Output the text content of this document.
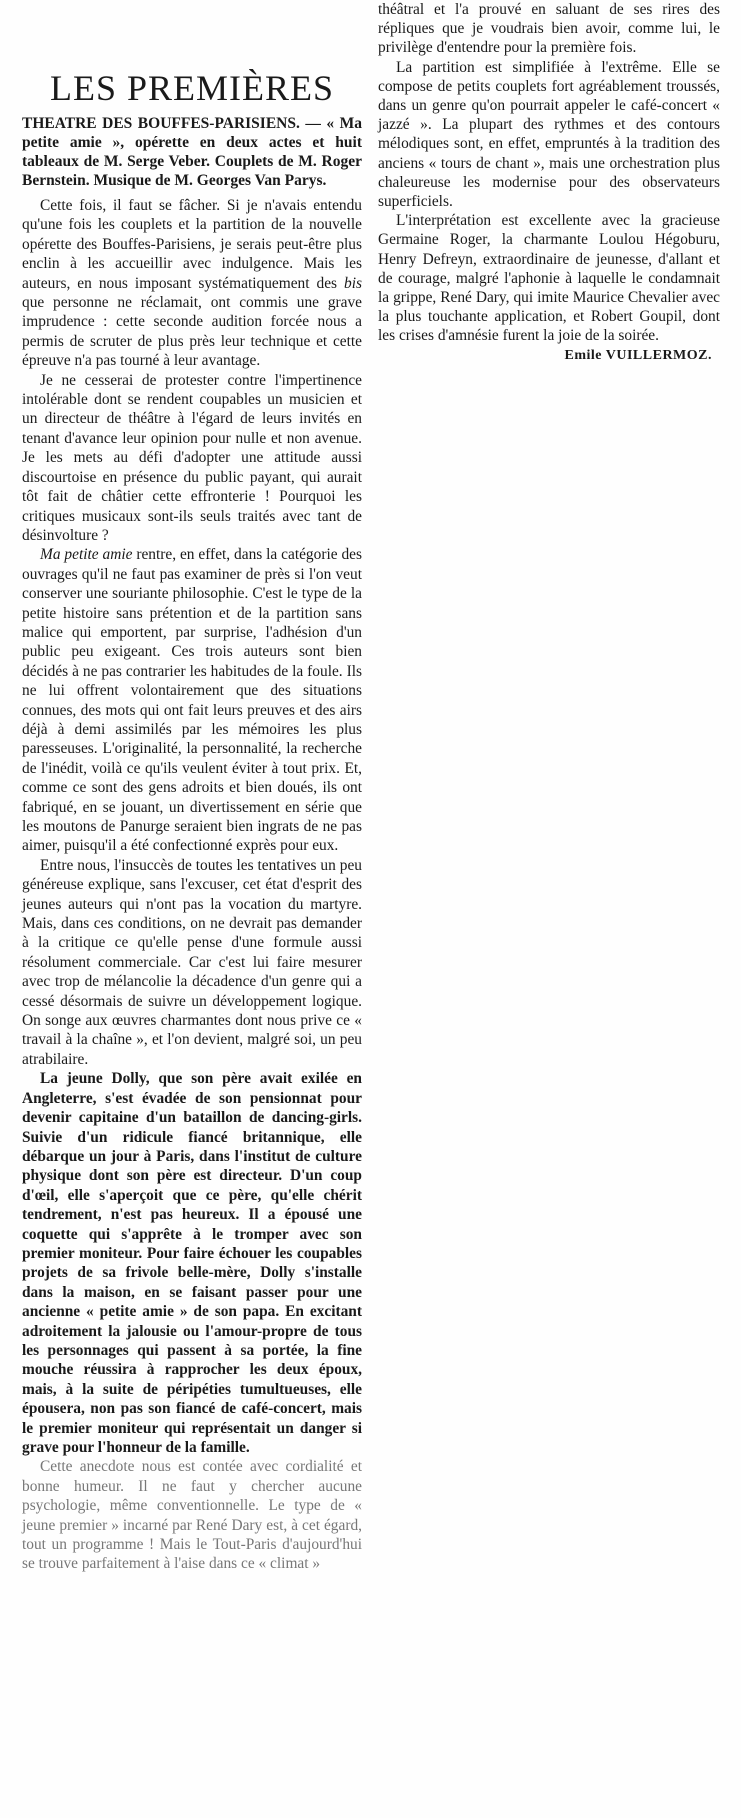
LES PREMIÈRES
THEATRE DES BOUFFES-PARISIENS. — « Ma petite amie », opérette en deux actes et huit tableaux de M. Serge Veber. Couplets de M. Roger Bernstein. Musique de M. Georges Van Parys.

Cette fois, il faut se fâcher. Si je n'avais entendu qu'une fois les couplets et la partition de la nouvelle opérette des Bouffes-Parisiens, je serais peut-être plus enclin à les accueillir avec indulgence. Mais les auteurs, en nous imposant systématiquement des bis que personne ne réclamait, ont commis une grave imprudence : cette seconde audition forcée nous a permis de scruter de plus près leur technique et cette épreuve n'a pas tourné à leur avantage.

Je ne cesserai de protester contre l'impertinence intolérable dont se rendent coupables un musicien et un directeur de théâtre à l'égard de leurs invités en tenant d'avance leur opinion pour nulle et non avenue. Je les mets au défi d'adopter une attitude aussi discourtoise en présence du public payant, qui aurait tôt fait de châtier cette effronterie ! Pourquoi les critiques musicaux sont-ils seuls traités avec tant de désinvolture ?

Ma petite amie rentre, en effet, dans la catégorie des ouvrages qu'il ne faut pas examiner de près si l'on veut conserver une souriante philosophie. C'est le type de la petite histoire sans prétention et de la partition sans malice qui emportent, par surprise, l'adhésion d'un public peu exigeant. Ces trois auteurs sont bien décidés à ne pas contrarier les habitudes de la foule. Ils ne lui offrent volontairement que des situations connues, des mots qui ont fait leurs preuves et des airs déjà à demi assimilés par les mémoires les plus paresseuses. L'originalité, la personnalité, la recherche de l'inédit, voilà ce qu'ils veulent éviter à tout prix. Et, comme ce sont des gens adroits et bien doués, ils ont fabriqué, en se jouant, un divertissement en série que les moutons de Panurge seraient bien ingrats de ne pas aimer, puisqu'il a été confectionné exprès pour eux.

Entre nous, l'insuccès de toutes les tentatives un peu généreuse explique, sans l'excuser, cet état d'esprit des jeunes auteurs qui n'ont pas la vocation du martyre. Mais, dans ces conditions, on ne devrait pas demander à la critique ce qu'elle pense d'une formule aussi résolument commerciale. Car c'est lui faire mesurer avec trop de mélancolie la décadence d'un genre qui a cessé désormais de suivre un développement logique. On songe aux œuvres charmantes dont nous prive ce « travail à la chaîne », et l'on devient, malgré soi, un peu atrabilaire.

La jeune Dolly, que son père avait exilée en Angleterre, s'est évadée de son pensionnat pour devenir capitaine d'un bataillon de dancing-girls. Suivie d'un ridicule fiancé britannique, elle débarque un jour à Paris, dans l'institut de culture physique dont son père est directeur. D'un coup d'œil, elle s'aperçoit que ce père, qu'elle chérit tendrement, n'est pas heureux. Il a épousé une coquette qui s'apprête à le tromper avec son premier moniteur. Pour faire échouer les coupables projets de sa frivole belle-mère, Dolly s'installe dans la maison, en se faisant passer pour une ancienne « petite amie » de son papa. En excitant adroitement la jalousie ou l'amour-propre de tous les personnages qui passent à sa portée, la fine mouche réussira à rapprocher les deux époux, mais, à la suite de péripéties tumultueuses, elle épousera, non pas son fiancé de café-concert, mais le premier moniteur qui représentait un danger si grave pour l'honneur de la famille.

Cette anecdote nous est contée avec cordialité et bonne humeur. Il ne faut y chercher aucune psychologie, même conventionnelle. Le type de « jeune premier » incarné par René Dary est, à cet égard, tout un programme ! Mais le Tout-Paris d'aujourd'hui se trouve parfaitement à l'aise dans ce « climat »

théâtral et l'a prouvé en saluant de ses rires des répliques que je voudrais bien avoir, comme lui, le privilège d'entendre pour la première fois.

La partition est simplifiée à l'extrême. Elle se compose de petits couplets fort agréablement troussés, dans un genre qu'on pourrait appeler le café-concert « jazzé ». La plupart des rythmes et des contours mélodiques sont, en effet, empruntés à la tradition des anciens « tours de chant », mais une orchestration plus chaleureuse les modernise pour des observateurs superficiels.

L'interprétation est excellente avec la gracieuse Germaine Roger, la charmante Loulou Hégoburu, Henry Defreyn, extraordinaire de jeunesse, d'allant et de courage, malgré l'aphonie à laquelle le condamnait la grippe, René Dary, qui imite Maurice Chevalier avec la plus touchante application, et Robert Goupil, dont les crises d'amnésie furent la joie de la soirée.

Emile VUILLERMOZ.
